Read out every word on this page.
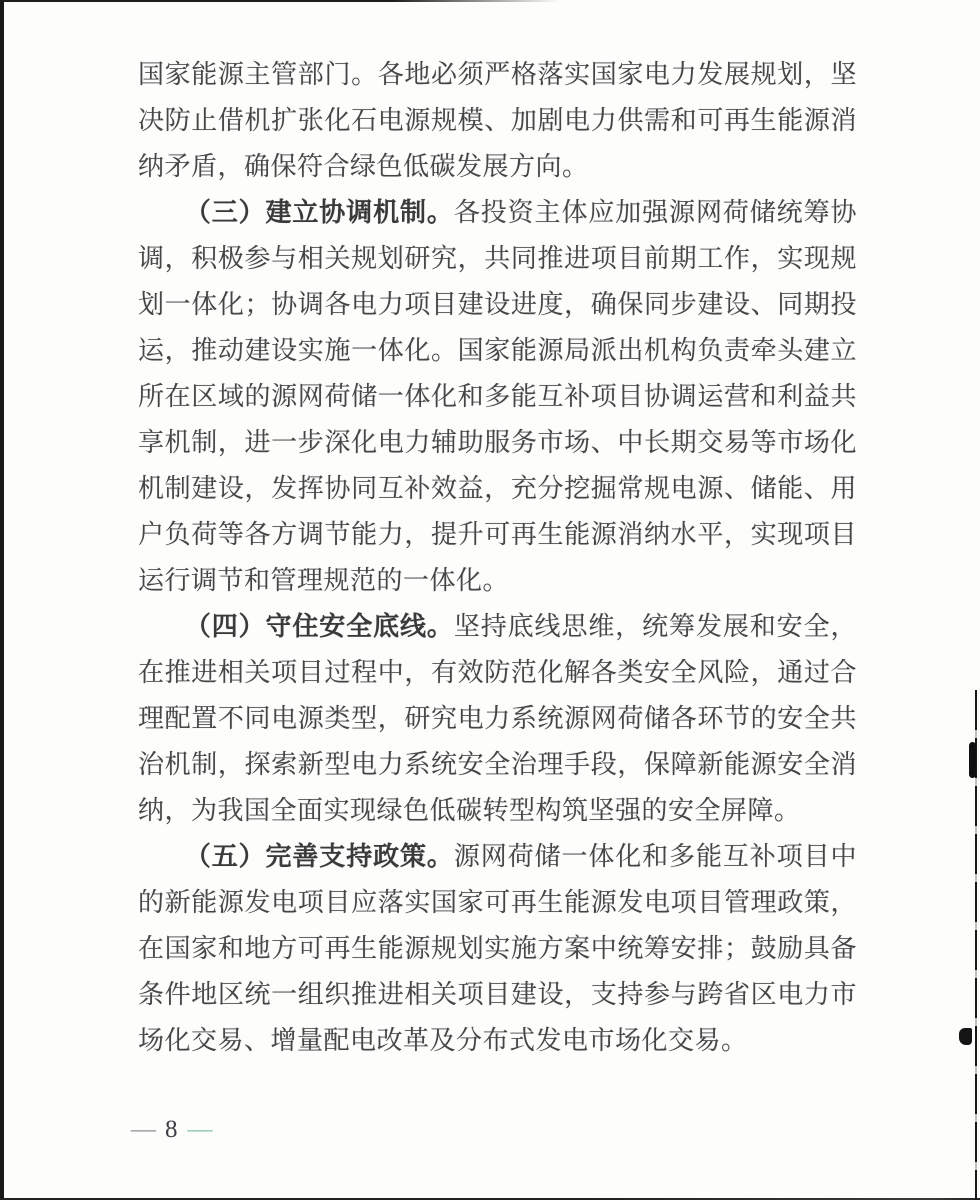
国家能源主管部门。各地必须严格落实国家电力发展规划，坚决防止借机扩张化石电源规模、加剧电力供需和可再生能源消纳矛盾，确保符合绿色低碳发展方向。

（三）建立协调机制。各投资主体应加强源网荷储统筹协调，积极参与相关规划研究，共同推进项目前期工作，实现规划一体化；协调各电力项目建设进度，确保同步建设、同期投运，推动建设实施一体化。国家能源局派出机构负责牵头建立所在区域的源网荷储一体化和多能互补项目协调运营和利益共享机制，进一步深化电力辅助服务市场、中长期交易等市场化机制建设，发挥协同互补效益，充分挖掘常规电源、储能、用户负荷等各方调节能力，提升可再生能源消纳水平，实现项目运行调节和管理规范的一体化。

（四）守住安全底线。坚持底线思维，统筹发展和安全，在推进相关项目过程中，有效防范化解各类安全风险，通过合理配置不同电源类型，研究电力系统源网荷储各环节的安全共治机制，探索新型电力系统安全治理手段，保障新能源安全消纳，为我国全面实现绿色低碳转型构筑坚强的安全屏障。

（五）完善支持政策。源网荷储一体化和多能互补项目中的新能源发电项目应落实国家可再生能源发电项目管理政策，在国家和地方可再生能源规划实施方案中统筹安排；鼓励具备条件地区统一组织推进相关项目建设，支持参与跨省区电力市场化交易、增量配电改革及分布式发电市场化交易。

— 8 —
